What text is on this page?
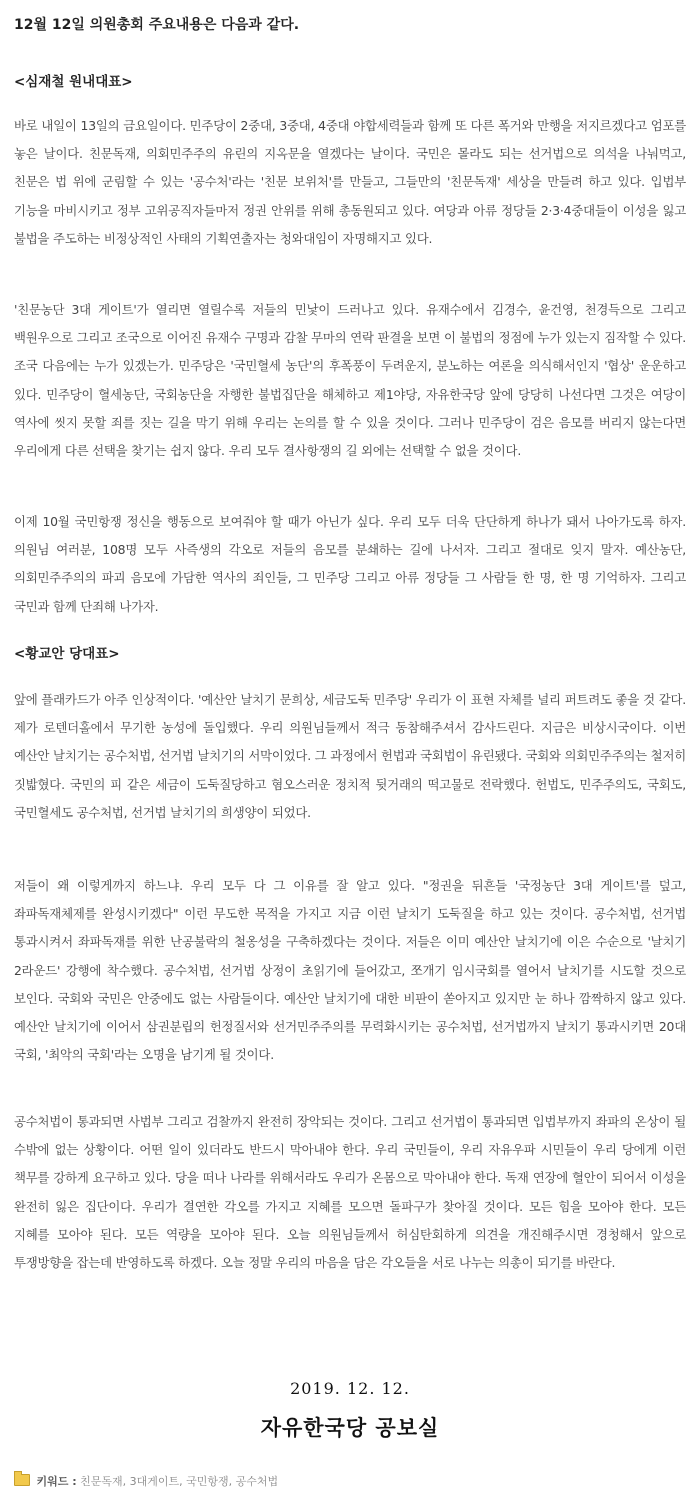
12월 12일 의원총회 주요내용은 다음과 같다.
<심재철 원내대표>

바로 내일이 13일의 금요일이다. 민주당이 2중대, 3중대, 4중대 야합세력들과 함께 또 다른 폭거와 만행을 저지르겠다고 엄포를 놓은 날이다. 친문독재, 의회민주주의 유린의 지옥문을 열겠다는 날이다. 국민은 몰라도 되는 선거법으로 의석을 나눠먹고, 친문은 법 위에 군림할 수 있는 '공수처'라는 '친문 보위처'를 만들고, 그들만의 '친문독재' 세상을 만들려 하고 있다. 입법부 기능을 마비시키고 정부 고위공직자들마저 정권 안위를 위해 총동원되고 있다. 여당과 아류 정당들 2·3·4중대들이 이성을 잃고 불법을 주도하는 비정상적인 사태의 기획연출자는 청와대임이 자명해지고 있다.

'친문농단 3대 게이트'가 열리면 열릴수록 저들의 민낯이 드러나고 있다. 유재수에서 김경수, 윤건영, 천경득으로 그리고 백원우으로 그리고 조국으로 이어진 유재수 구명과 감찰 무마의 연락 판결을 보면 이 불법의 정점에 누가 있는지 짐작할 수 있다. 조국 다음에는 누가 있겠는가. 민주당은 '국민혈세 농단'의 후폭풍이 두려운지, 분노하는 여론을 의식해서인지 '협상' 운운하고 있다. 민주당이 혈세농단, 국회농단을 자행한 불법집단을 해체하고 제1야당, 자유한국당 앞에 당당히 나선다면 그것은 여당이 역사에 씻지 못할 죄를 짓는 길을 막기 위해 우리는 논의를 할 수 있을 것이다. 그러나 민주당이 검은 음모를 버리지 않는다면 우리에게 다른 선택을 찾기는 쉽지 않다. 우리 모두 결사항쟁의 길 외에는 선택할 수 없을 것이다.

이제 10월 국민항쟁 정신을 행동으로 보여줘야 할 때가 아닌가 싶다. 우리 모두 더욱 단단하게 하나가 돼서 나아가도록 하자. 의원님 여러분, 108명 모두 사즉생의 각오로 저들의 음모를 분쇄하는 길에 나서자. 그리고 절대로 잊지 말자. 예산농단, 의회민주주의의 파괴 음모에 가담한 역사의 죄인들, 그 민주당 그리고 아류 정당들 그 사람들 한 명, 한 명 기억하자. 그리고 국민과 함께 단죄해 나가자.

<황교안 당대표>

앞에 플래카드가 아주 인상적이다. '예산안 날치기 문희상, 세금도둑 민주당' 우리가 이 표현 자체를 널리 퍼트려도 좋을 것 같다. 제가 로텐더홀에서 무기한 농성에 돌입했다. 우리 의원님들께서 적극 동참해주셔서 감사드린다. 지금은 비상시국이다. 이번 예산안 날치기는 공수처법, 선거법 날치기의 서막이었다. 그 과정에서 헌법과 국회법이 유린됐다. 국회와 의회민주주의는 철저히 짓밟혔다. 국민의 피 같은 세금이 도둑질당하고 혐오스러운 정치적 뒷거래의 떡고물로 전락했다. 헌법도, 민주주의도, 국회도, 국민혈세도 공수처법, 선거법 날치기의 희생양이 되었다.

저들이 왜 이렇게까지 하느냐. 우리 모두 다 그 이유를 잘 알고 있다. "정권을 뒤흔들 '국정농단 3대 게이트'를 덮고, 좌파독재체제를 완성시키겠다" 이런 무도한 목적을 가지고 지금 이런 날치기 도둑질을 하고 있는 것이다. 공수처법, 선거법 통과시켜서 좌파독재를 위한 난공불락의 철옹성을 구축하겠다는 것이다. 저들은 이미 예산안 날치기에 이은 수순으로 '날치기 2라운드' 강행에 착수했다. 공수처법, 선거법 상정이 초읽기에 들어갔고, 쪼개기 임시국회를 열어서 날치기를 시도할 것으로 보인다. 국회와 국민은 안중에도 없는 사람들이다. 예산안 날치기에 대한 비판이 쏟아지고 있지만 눈 하나 깜짝하지 않고 있다. 예산안 날치기에 이어서 삼권분립의 헌정질서와 선거민주주의를 무력화시키는 공수처법, 선거법까지 날치기 통과시키면 20대 국회, '최악의 국회'라는 오명을 남기게 될 것이다.

공수처법이 통과되면 사법부 그리고 검찰까지 완전히 장악되는 것이다. 그리고 선거법이 통과되면 입법부까지 좌파의 온상이 될 수밖에 없는 상황이다. 어떤 일이 있더라도 반드시 막아내야 한다. 우리 국민들이, 우리 자유우파 시민들이 우리 당에게 이런 책무를 강하게 요구하고 있다. 당을 떠나 나라를 위해서라도 우리가 온몸으로 막아내야 한다. 독재 연장에 혈안이 되어서 이성을 완전히 잃은 집단이다. 우리가 결연한 각오를 가지고 지혜를 모으면 돌파구가 찾아질 것이다. 모든 힘을 모아야 한다. 모든 지혜를 모아야 된다. 모든 역량을 모아야 된다. 오늘 의원님들께서 허심탄회하게 의견을 개진해주시면 경청해서 앞으로 투쟁방향을 잡는데 반영하도록 하겠다. 오늘 정말 우리의 마음을 담은 각오들을 서로 나누는 의총이 되기를 바란다.

2019. 12. 12.
자유한국당 공보실
키워드 : 친문독재, 3대게이트, 국민항쟁, 공수처법
